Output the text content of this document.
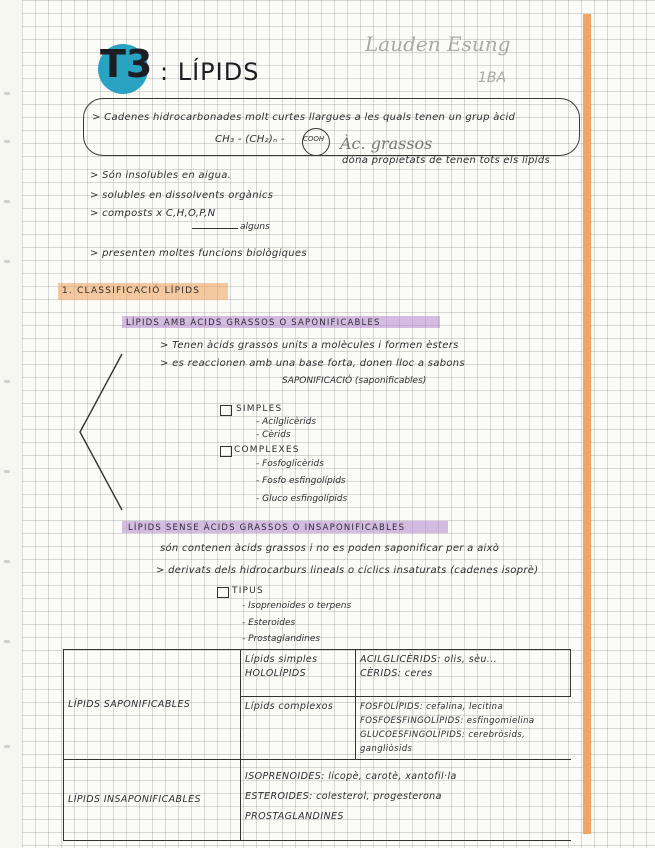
T3 : LÍPIDS
Lauden Esung
1BA
> Cadenes hidrocarbonades molt curtes llargues a les quals tenen un grup àcid
CH₃ - (CH₂)ₙ -	COOH Àc. grassos
dóna propietats de tenen tots els lípids
> Són insolubles en aigua.
> solubles en dissolvents orgànics
> composts x C,H,O,P,N
alguns
> presenten moltes funcions biològiques
1. CLASSIFICACIÓ LÍPIDS
LÍPIDS AMB ÀCIDS GRASSOS O SAPONIFICABLES
> Tenen àcids grassos units a molècules i formen èsters
> es reaccionen amb una base forta, donen lloc a sabons
SAPONIFICACIÓ (saponificables)
SIMPLES
- Acilglicèrids
- Cèrids
COMPLEXES
- Fosfoglicèrids
- Fosfo esfingolípids
- Gluco esfingolípids
LÍPIDS SENSE ÀCIDS GRASSOS O INSAPONIFICABLES
són contenen àcids grassos i no es poden saponificar per a això
> derivats dels hidrocarburs lineals o cíclics insaturats (cadenes isoprè)
TIPUS
- Isoprenoides o terpens
- Esteroides
- Prostaglandines
LÍPIDS SAPONIFICABLES	Lípids simples HOLOLÍPIDS	ACILGLICÈRIDS: olis, sèu...
CÈRIDS: ceres

	Lípids complexos	FOSFOLÍPIDS: cefalina, lecitina
FOSFOESFINGOLÍPIDS: esfingomielina
GLUCOESFINGOLÍPIDS: cerebròsids, gangliòsids

LÍPIDS INSAPONIFICABLES	ISOPRENOIDES: licopè, carotè, xantofil·la
ESTEROIDES: colesterol, progesterona
PROSTAGLANDINES	
